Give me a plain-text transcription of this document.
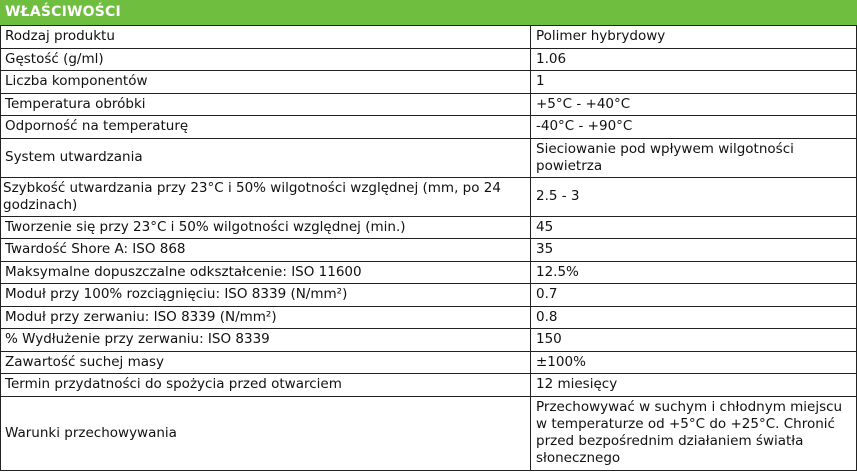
WŁAŚCIWOŚCI
Rodzaj produktu	Polimer hybrydowy
Gęstość (g/ml)	1.06
Liczba komponentów	1
Temperatura obróbki	+5°C - +40°C
Odporność na temperaturę	-40°C - +90°C
System utwardzania	Sieciowanie pod wpływem wilgotności powietrza
Szybkość utwardzania przy 23°C i 50% wilgotności względnej (mm, po 24 godzinach)	2.5 - 3
Tworzenie się przy 23°C i 50% wilgotności względnej (min.)	45
Twardość Shore A: ISO 868	35
Maksymalne dopuszczalne odkształcenie: ISO 11600	12.5%
Moduł przy 100% rozciągnięciu: ISO 8339 (N/mm²)	0.7
Moduł przy zerwaniu: ISO 8339 (N/mm²)	0.8
% Wydłużenie przy zerwaniu: ISO 8339	150
Zawartość suchej masy	±100%
Termin przydatności do spożycia przed otwarciem	12 miesięcy
Warunki przechowywania	Przechowywać w suchym i chłodnym miejscu w temperaturze od +5°C do +25°C. Chronić przed bezpośrednim działaniem światła słonecznego
